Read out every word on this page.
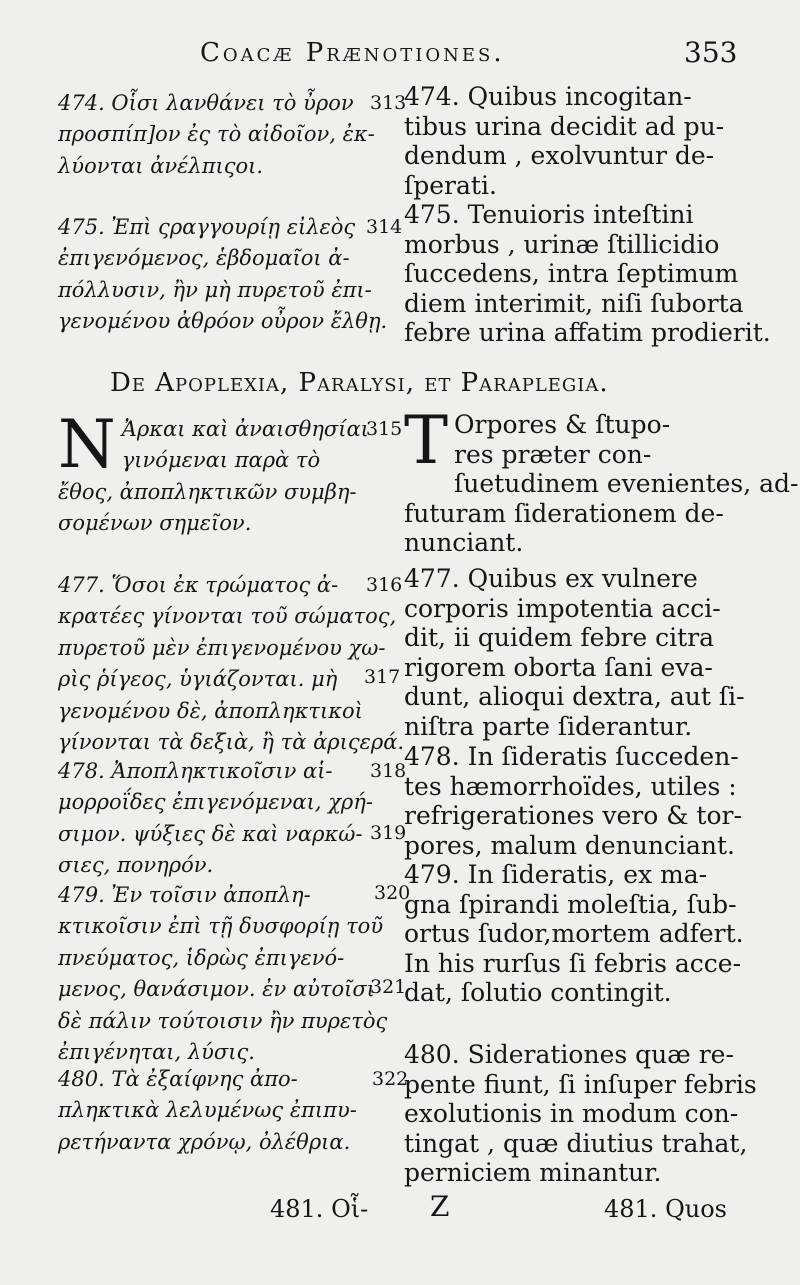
Coacæ Prænotiones.	353
474. Οἷσι λανθάνει τὸ ὖρον
προσπίπ]ον ἐς τὸ αἰδοῖον, ἐκ-
λύονται ἀνέλπιςοι.
475. Ἐπὶ ςραγγουρίῃ εἰλεὸς
ἐπιγενόμενος, ἑβδομαῖοι ἀ-
πόλλυσιν, ἢν μὴ πυρετοῦ ἐπι-
γενομένου ἀθρόον οὖρον ἔλθῃ.
N Ἀρκαι καὶ ἀναισθησίαι
γινόμεναι παρὰ τὸ
ἔθος, ἀποπληκτικῶν συμβη-
σομένων σημεῖον.
477. Ὅσοι ἐκ τρώματος ἀ-
κρατέες γίνονται τοῦ σώματος,
πυρετοῦ μὲν ἐπιγενομένου χω-
ρὶς ῥίγεος, ὑγιάζονται. μὴ
γενομένου δὲ, ἀποπληκτικοὶ
γίνονται τὰ δεξιὰ, ἢ τὰ ἀριςερά.
478. Ἀποπληκτικοῖσιν αἱ-
μορροΐδες ἐπιγενόμεναι, χρή-
σιμον. ψύξιες δὲ καὶ ναρκώ-
σιες, πονηρόν.
479. Ἐν τοῖσιν ἀποπλη-
κτικοῖσιν ἐπὶ τῇ δυσφορίῃ τοῦ
πνεύματος, ἱδρὼς ἐπιγενό-
μενος, θανάσιμον. ἐν αὐτοῖσι
δὲ πάλιν τούτοισιν ἢν πυρετὸς
ἐπιγένηται, λύσις.
480. Τὰ ἐξαίφνης ἀπο-
πληκτικὰ λελυμένως ἐπιπυ-
ρετήναντα χρόνῳ, ὀλέθρια.
474. Quibus incogitan-
tibus urina decidit ad pu-
dendum , exolvuntur de-
ſperati.
475. Tenuioris inteſtini
morbus , urinæ ſtillicidio
ſuccedens, intra ſeptimum
diem interimit, niſi ſuborta
febre urina affatim prodierit.
T Orpores & ſtupo-
res præter con-
ſuetudinem evenientes, ad-
futuram ſiderationem de-
nunciant.
477. Quibus ex vulnere
corporis impotentia acci-
dit, ii quidem febre citra
rigorem oborta ſani eva-
dunt, alioqui dextra, aut ſi-
niſtra parte ſiderantur.
478. In ſideratis ſucceden-
tes hæmorrhoïdes, utiles :
refrigerationes vero & tor-
pores, malum denunciant.
479. In ſideratis, ex ma-
gna ſpirandi moleſtia, ſub-
ortus ſudor,mortem adfert.
In his rurſus ſi febris acce-
dat, ſolutio contingit.
480. Siderationes quæ re-
pente fiunt, ſi inſuper febris
exolutionis in modum con-
tingat , quæ diutius trahat,
perniciem minantur.
313
314
315
316
317
318
319
320
321
322
De Apoplexia, Paralysi, et Paraplegia.
481. Οἷ- Z	481. Quos
